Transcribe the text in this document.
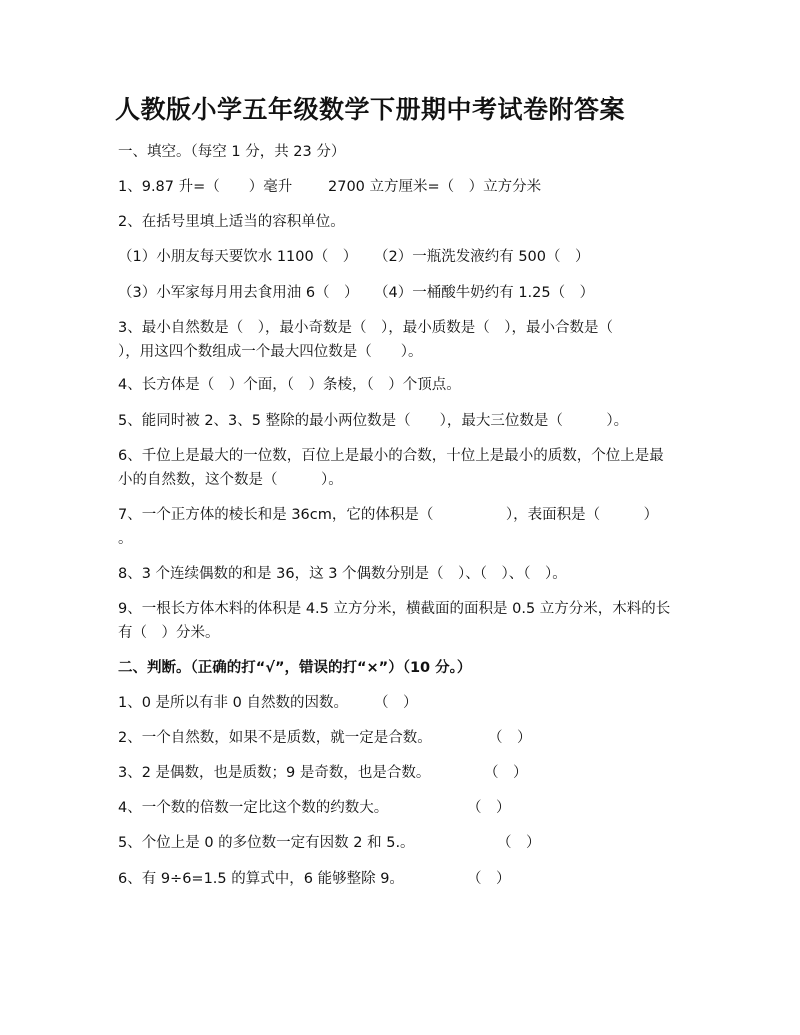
人教版小学五年级数学下册期中考试卷附答案
一、填空。（每空 1 分，共 23 分）
1、9.87 升=（　　）毫升 2700 立方厘米=（　）立方分米
2、在括号里填上适当的容积单位。
（1）小朋友每天要饮水 1100（　） （2）一瓶洗发液约有 500（　）
（3）小军家每月用去食用油 6（　） （4）一桶酸牛奶约有 1.25（　）
3、最小自然数是（　），最小奇数是（　），最小质数是（　），最小合数是（
），用这四个数组成一个最大四位数是（　　）。
4、长方体是（　）个面，（　）条棱，（　）个顶点。
5、能同时被 2、3、5 整除的最小两位数是（　　），最大三位数是（　　　）。
6、千位上是最大的一位数，百位上是最小的合数，十位上是最小的质数，个位上是最
小的自然数，这个数是（　　　）。
7、一个正方体的棱长和是 36cm，它的体积是（　　　　　），表面积是（　　　）
。
8、3 个连续偶数的和是 36，这 3 个偶数分别是（　）、（　）、（　）。
9、一根长方体木料的体积是 4.5 立方分米，横截面的面积是 0.5 立方分米，木料的长
有（　）分米。
二、判断。（正确的打“√”，错误的打“×”）（10 分。）
1、0 是所以有非 0 自然数的因数。 （　）
2、一个自然数，如果不是质数，就一定是合数。	（　）
3、2 是偶数，也是质数；9 是奇数，也是合数。	（　）
4、一个数的倍数一定比这个数的约数大。	（　）
5、个位上是 0 的多位数一定有因数 2 和 5.。	（　）
6、有 9÷6=1.5 的算式中，6 能够整除 9。	（　）
